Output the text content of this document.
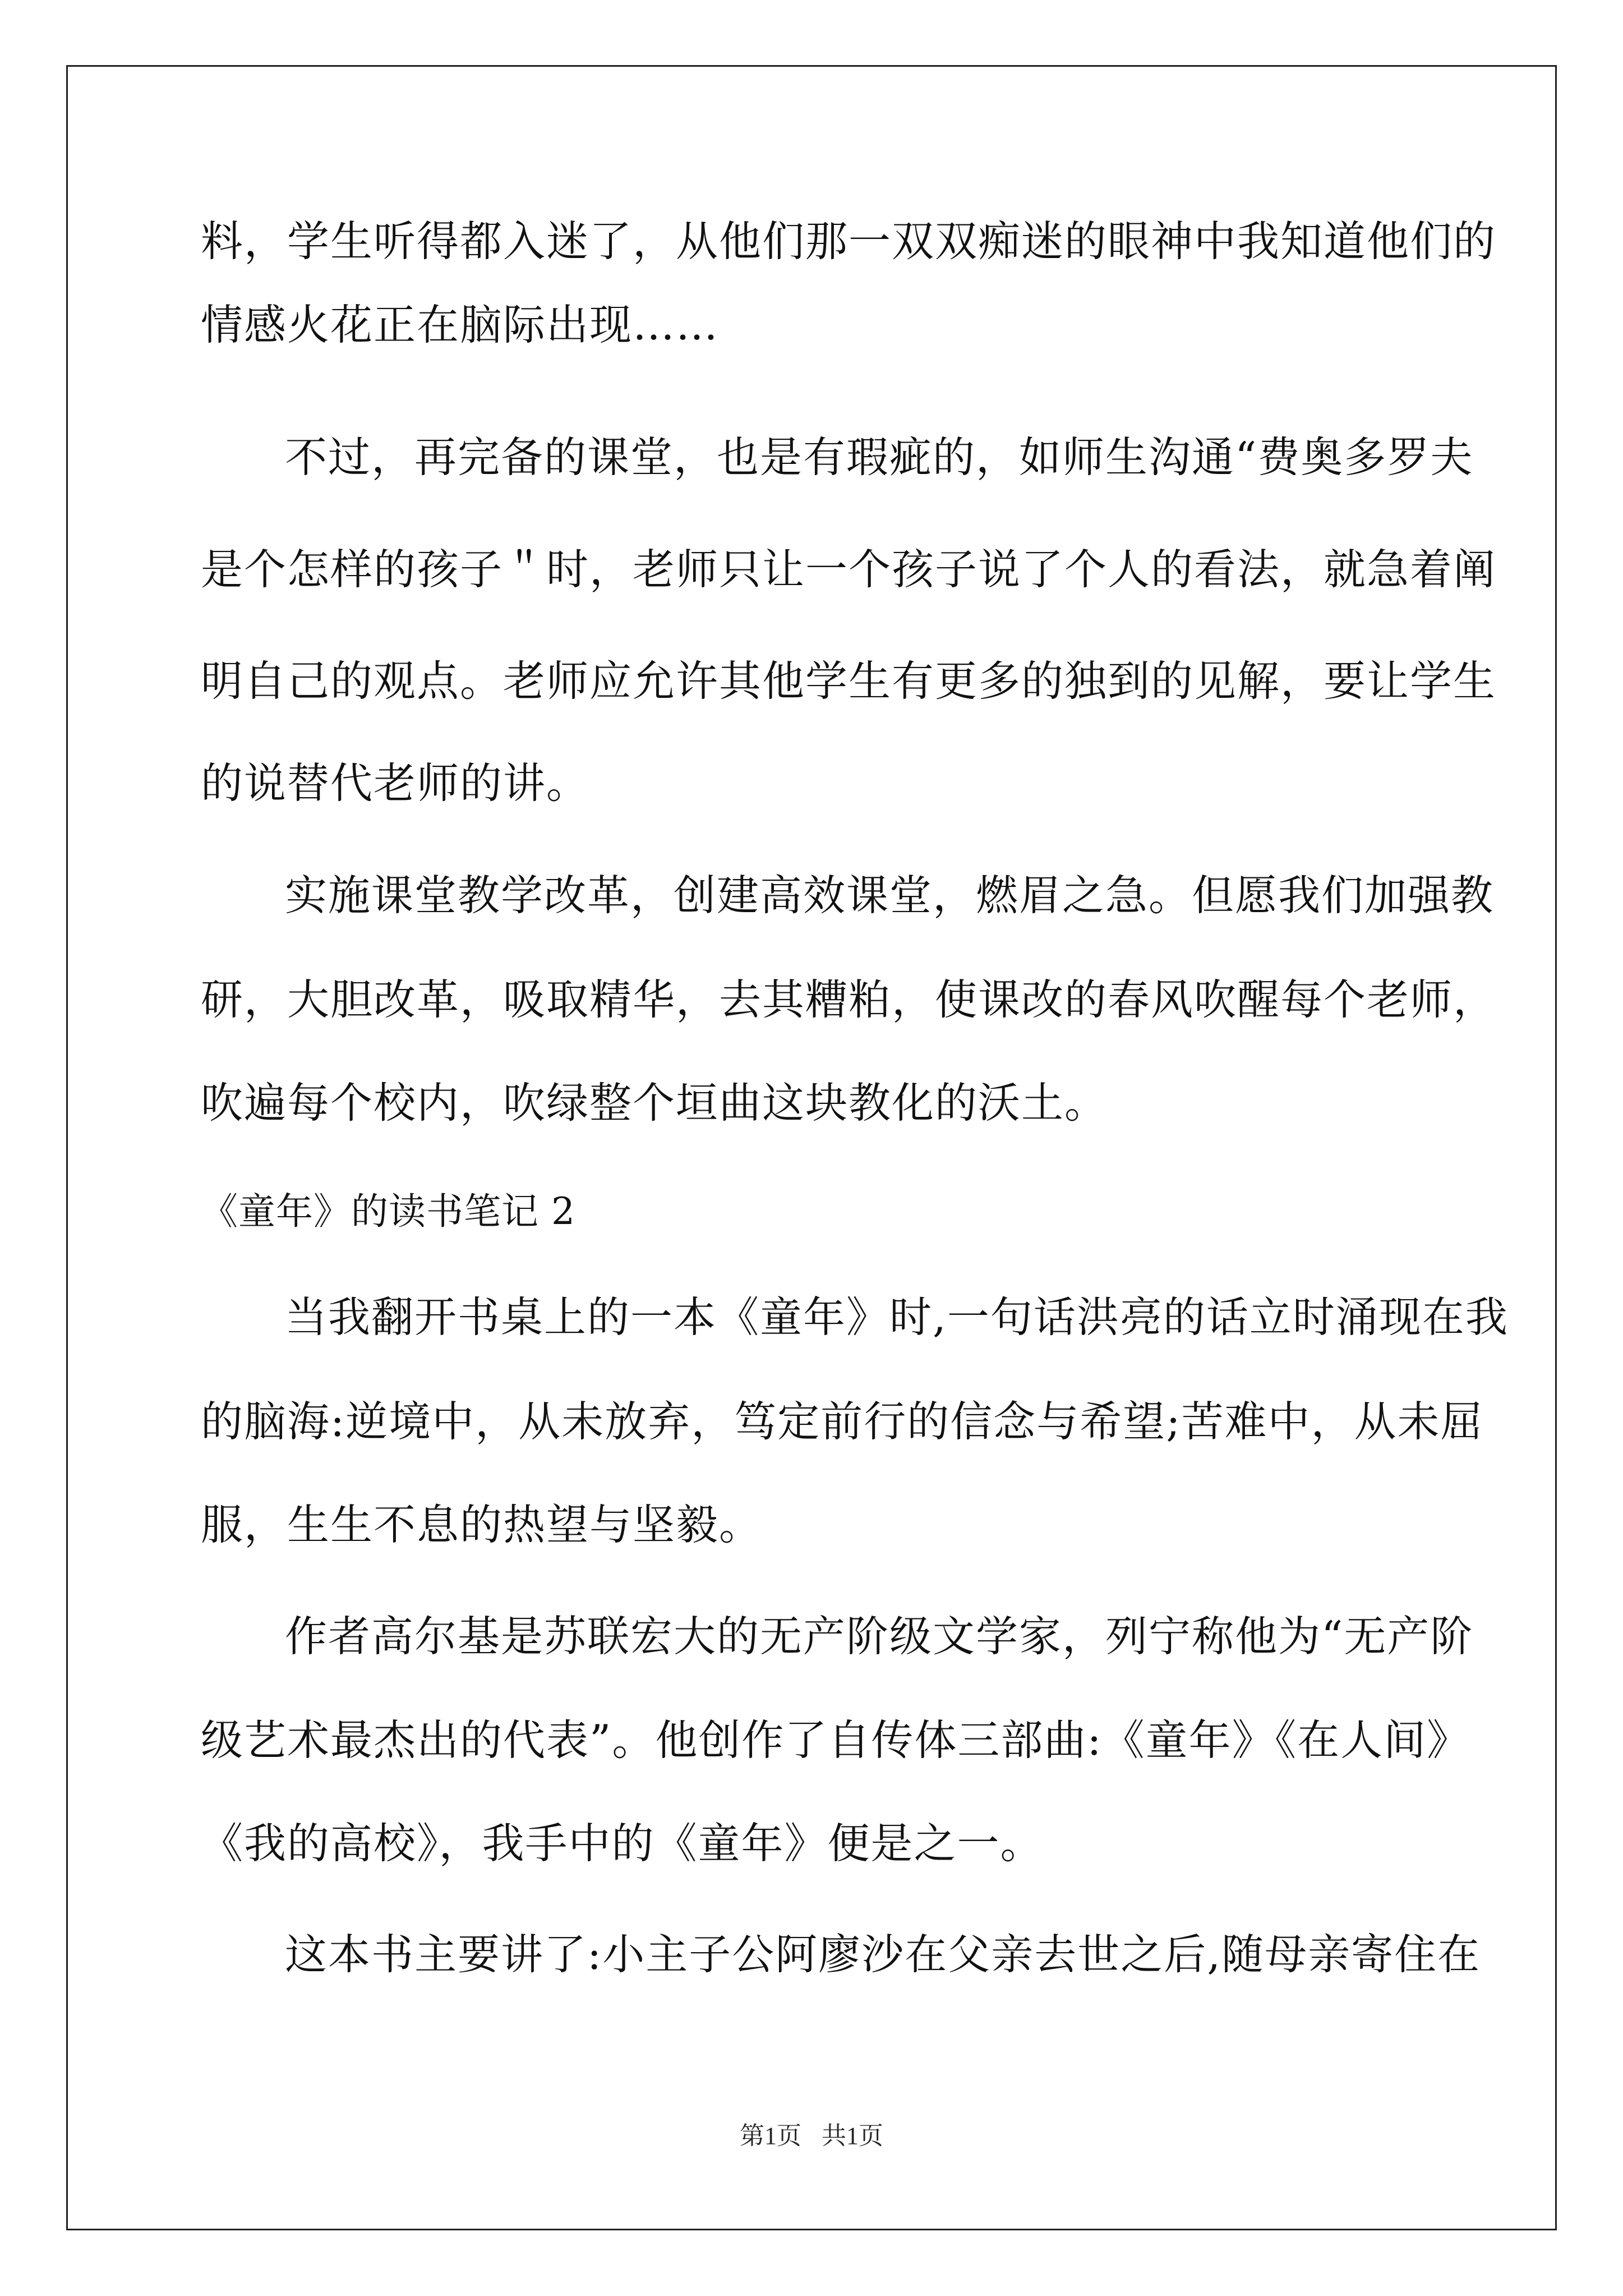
料，学生听得都入迷了，从他们那一双双痴迷的眼神中我知道他们的
情感火花正在脑际出现……
不过，再完备的课堂，也是有瑕疵的，如师生沟通“费奥多罗夫
是个怎样的孩子＂时，老师只让一个孩子说了个人的看法，就急着阐
明自己的观点。老师应允许其他学生有更多的独到的见解，要让学生
的说替代老师的讲。
实施课堂教学改革，创建高效课堂，燃眉之急。但愿我们加强教
研，大胆改革，吸取精华，去其糟粕，使课改的春风吹醒每个老师，
吹遍每个校内，吹绿整个垣曲这块教化的沃土。
《童年》的读书笔记 2
当我翻开书桌上的一本《童年》时,一句话洪亮的话立时涌现在我
的脑海:逆境中，从未放弃，笃定前行的信念与希望;苦难中，从未屈
服，生生不息的热望与坚毅。
作者高尔基是苏联宏大的无产阶级文学家，列宁称他为“无产阶
级艺术最杰出的代表”。他创作了自传体三部曲:《童年》《在人间》
《我的高校》，我手中的《童年》便是之一。
这本书主要讲了:小主子公阿廖沙在父亲去世之后,随母亲寄住在
第1页 共1页
